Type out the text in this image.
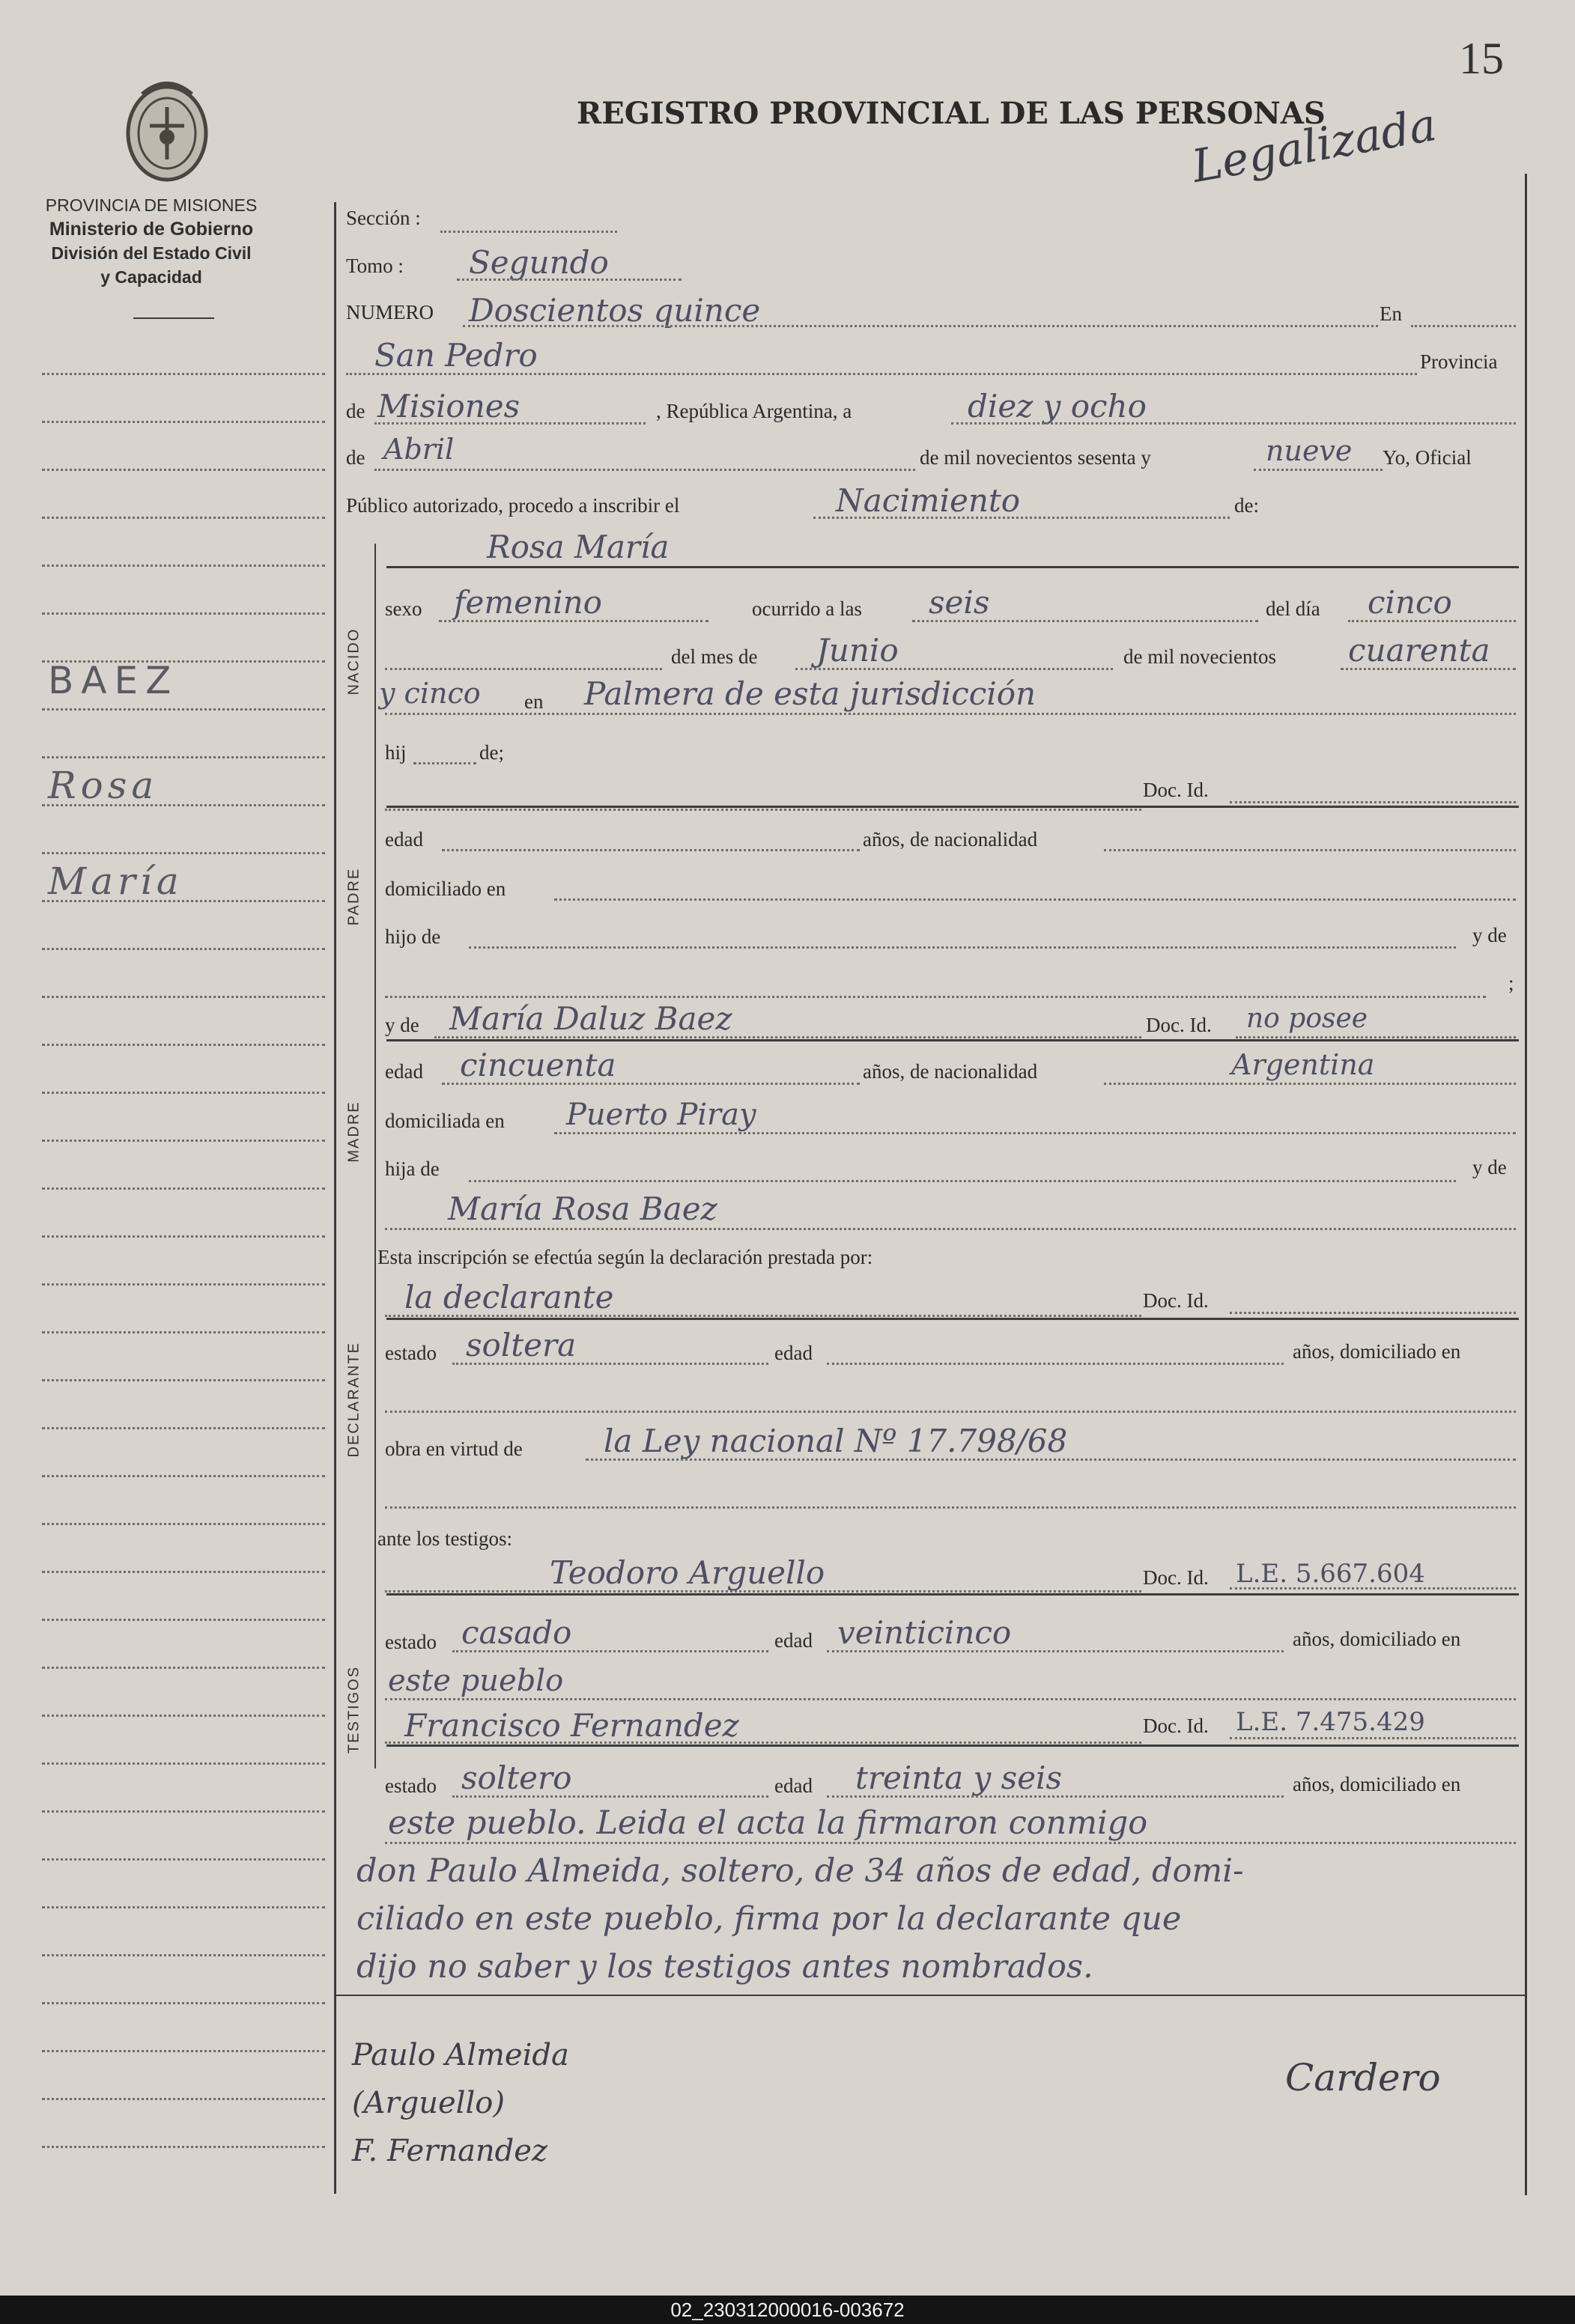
15
Legalizada
PROVINCIA DE MISIONES
Ministerio de Gobierno
División del Estado Civil
y Capacidad
BAEZ
Rosa
María
REGISTRO PROVINCIAL DE LAS PERSONAS
Sección :
Tomo : Segundo
NUMERO Doscientos quince	En
San Pedro	Provincia
de Misiones	, República Argentina, a	diez y ocho
de Abril	de mil novecientos sesenta y	nueve Yo, Oficial
Público autorizado, procedo a inscribir el	Nacimiento	de:
NACIDO
Rosa María
sexo femenino	ocurrido a las seis	del día cinco
del mes de Junio	de mil novecientos cuarenta
y cinco en Palmera de esta jurisdicción
hij	de;
PADRE
Doc. Id.
edad	años, de nacionalidad
domiciliado en
hijo de	y de
;
MADRE
y de María Daluz Baez	Doc. Id. no posee
edad cincuenta	años, de nacionalidad	Argentina
domiciliada en Puerto Piray
hija de	y de
María Rosa Baez
Esta inscripción se efectúa según la declaración prestada por:
DECLARANTE
la declarante	Doc. Id.
estado soltera	edad	años, domiciliado en
obra en virtud de	la Ley nacional Nº 17.798/68
ante los testigos:
TESTIGOS
Teodoro Arguello	Doc. Id. L.E. 5.667.604
estado casado	edad veinticinco	años, domiciliado en
este pueblo
Francisco Fernandez	Doc. Id. L.E. 7.475.429
estado soltero	edad treinta y seis	años, domiciliado en
este pueblo. Leida el acta la firmaron conmigo
don Paulo Almeida, soltero, de 34 años de edad, domi-
ciliado en este pueblo, firma por la declarante que
dijo no saber y los testigos antes nombrados.
Paulo Almeida
(Arguello)
F. Fernandez
Cardero
02_230312000016-003672
